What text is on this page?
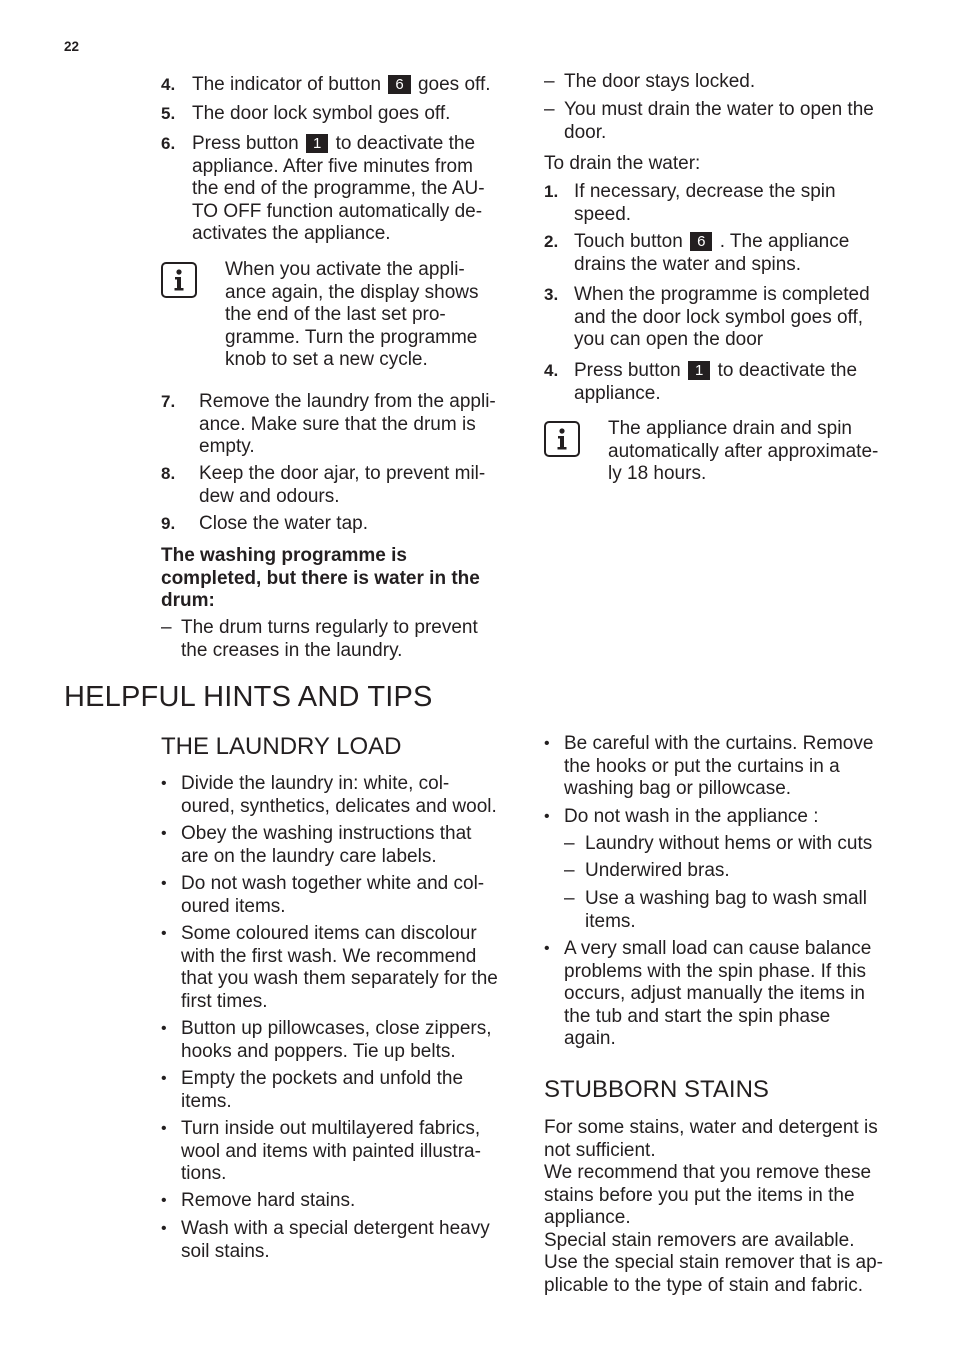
22
4. The indicator of button 6 goes off.
5. The door lock symbol goes off.
6. Press button 1 to deactivate the
appliance. After five minutes from
the end of the programme, the AU-
TO OFF function automatically de-
activates the appliance.
When you activate the appli-
ance again, the display shows
the end of the last set pro-
gramme. Turn the programme
knob to set a new cycle.
7. Remove the laundry from the appli-
ance. Make sure that the drum is
empty.
8. Keep the door ajar, to prevent mil-
dew and odours.
9. Close the water tap.
The washing programme is
completed, but there is water in the
drum:
– The drum turns regularly to prevent
the creases in the laundry.
– The door stays locked.
– You must drain the water to open the
door.
To drain the water:
1. If necessary, decrease the spin
speed.
2. Touch button 6 . The appliance
drains the water and spins.
3. When the programme is completed
and the door lock symbol goes off,
you can open the door
4. Press button 1 to deactivate the
appliance.
The appliance drain and spin
automatically after approximate-
ly 18 hours.
HELPFUL HINTS AND TIPS
THE LAUNDRY LOAD
• Divide the laundry in: white, col-
oured, synthetics, delicates and wool.
• Obey the washing instructions that
are on the laundry care labels.
• Do not wash together white and col-
oured items.
• Some coloured items can discolour
with the first wash. We recommend
that you wash them separately for the
first times.
• Button up pillowcases, close zippers,
hooks and poppers. Tie up belts.
• Empty the pockets and unfold the
items.
• Turn inside out multilayered fabrics,
wool and items with painted illustra-
tions.
• Remove hard stains.
• Wash with a special detergent heavy
soil stains.
• Be careful with the curtains. Remove
the hooks or put the curtains in a
washing bag or pillowcase.
• Do not wash in the appliance :
– Laundry without hems or with cuts
– Underwired bras.
– Use a washing bag to wash small
items.
• A very small load can cause balance
problems with the spin phase. If this
occurs, adjust manually the items in
the tub and start the spin phase
again.
STUBBORN STAINS
For some stains, water and detergent is
not sufficient.
We recommend that you remove these
stains before you put the items in the
appliance.
Special stain removers are available.
Use the special stain remover that is ap-
plicable to the type of stain and fabric.
